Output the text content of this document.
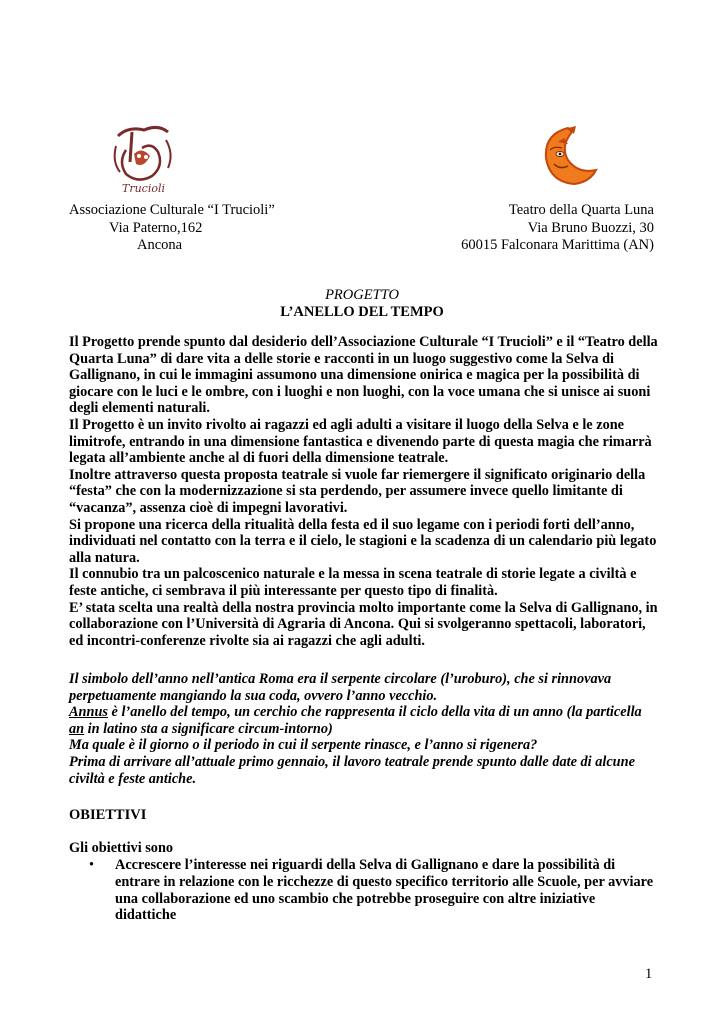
Trucioli
Associazione Culturale “I Trucioli”
Via Paterno,162
Ancona
Teatro della Quarta Luna
Via Bruno Buozzi, 30
60015 Falconara Marittima (AN)
PROGETTO
L’ANELLO DEL TEMPO

Il Progetto prende spunto dal desiderio dell’Associazione Culturale “I Trucioli” e il “Teatro della Quarta Luna” di dare vita a delle storie e racconti in un luogo suggestivo come la Selva di Gallignano, in cui le immagini assumono una dimensione onirica e magica per la possibilità di giocare con le luci e le ombre, con i luoghi e non luoghi, con la voce umana che si unisce ai suoni degli elementi naturali.

Il Progetto è un invito rivolto ai ragazzi ed agli adulti a visitare il luogo della Selva e le zone limitrofe, entrando in una dimensione fantastica e divenendo parte di questa magia che rimarrà legata all’ambiente anche al di fuori della dimensione teatrale.

Inoltre attraverso questa proposta teatrale si vuole far riemergere il significato originario della “festa” che con la modernizzazione si sta perdendo, per assumere invece quello limitante di “vacanza”, assenza cioè di impegni lavorativi.

Si propone una ricerca della ritualità della festa ed il suo legame con i periodi forti dell’anno, individuati nel contatto con la terra e il cielo, le stagioni e la scadenza di un calendario più legato alla natura.

Il connubio tra un palcoscenico naturale e la messa in scena teatrale di storie legate a civiltà e feste antiche, ci sembrava il più interessante per questo tipo di finalità.

E’ stata scelta una realtà della nostra provincia molto importante come la Selva di Gallignano, in collaborazione con l’Università di Agraria di Ancona. Qui si svolgeranno spettacoli, laboratori, ed incontri-conferenze rivolte sia ai ragazzi che agli adulti.

Il simbolo dell’anno nell’antica Roma era il serpente circolare (l’uroburo), che si rinnovava perpetuamente mangiando la sua coda, ovvero l’anno vecchio.

Annus è l’anello del tempo, un cerchio che rappresenta il ciclo della vita di un anno (la particella an in latino sta a significare circum-intorno)

Ma quale è il giorno o il periodo in cui il serpente rinasce, e l’anno si rigenera?

Prima di arrivare all’attuale primo gennaio, il lavoro teatrale prende spunto dalle date di alcune civiltà e feste antiche.

OBIETTIVI
Gli obiettivi sono
• Accrescere l’interesse nei riguardi della Selva di Gallignano e dare la possibilità di entrare in relazione con le ricchezze di questo specifico territorio alle Scuole, per avviare una collaborazione ed uno scambio che potrebbe proseguire con altre iniziative didattiche
1
